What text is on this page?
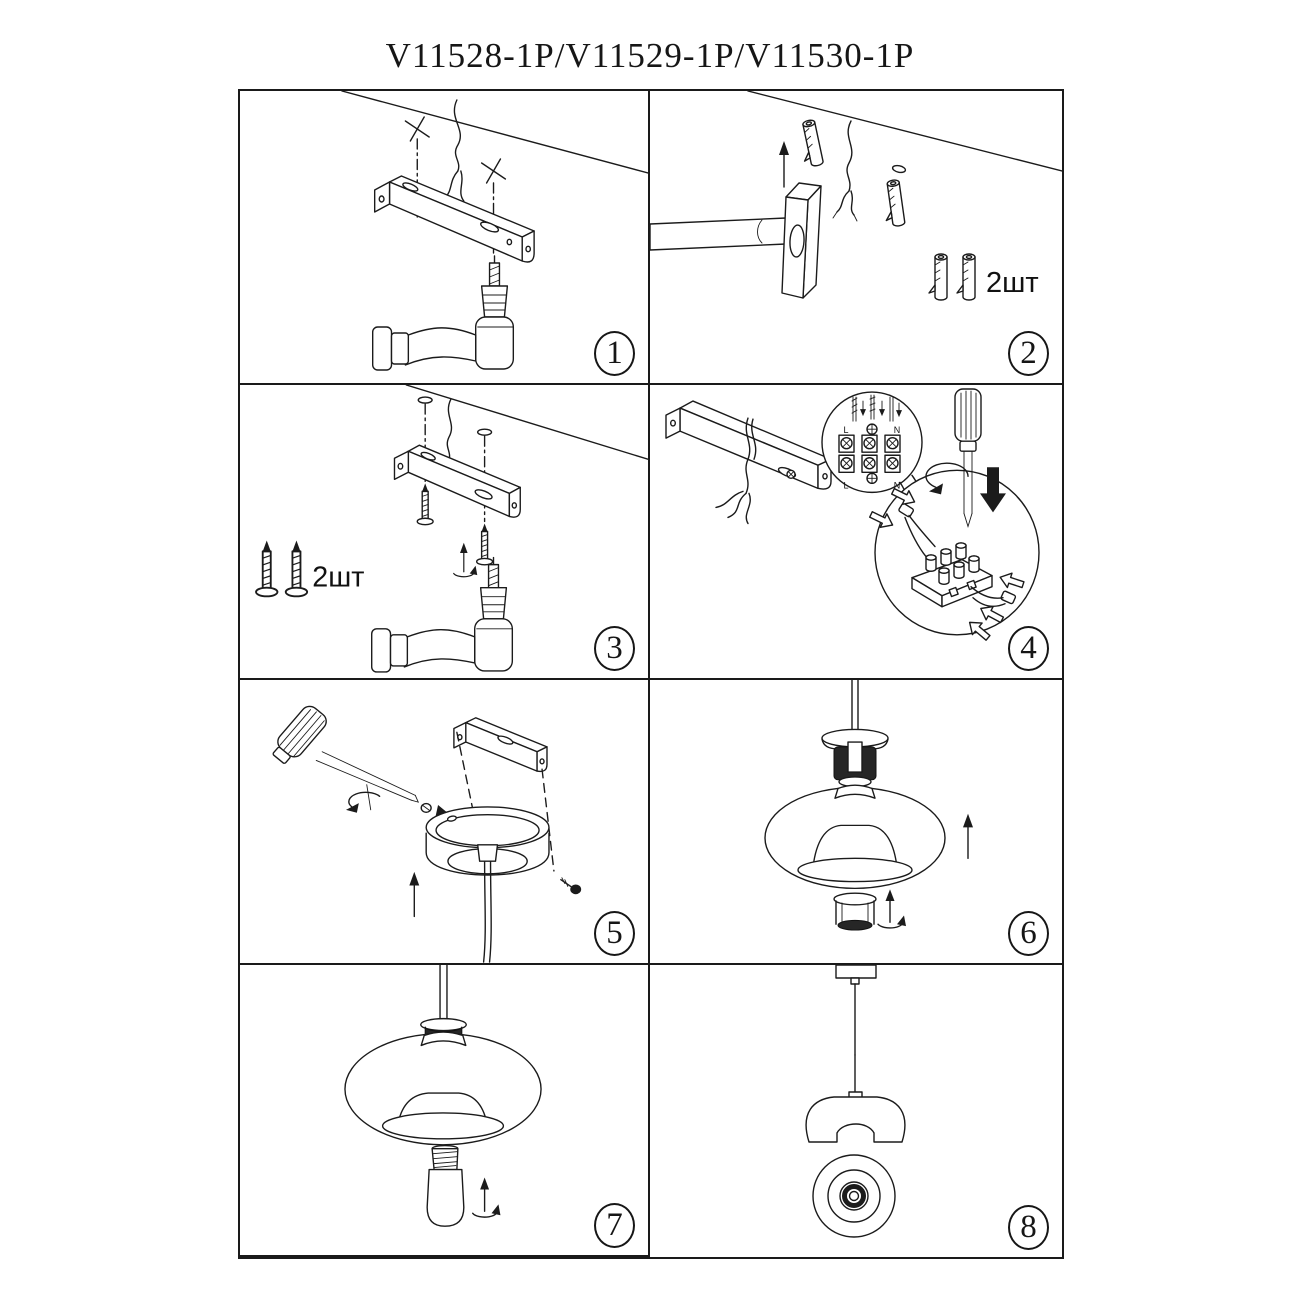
V11528-1P/V11529-1P/V11530-1P
1
2шт
2
2шт
3
L	N
L	N
4
5	6
7	8
